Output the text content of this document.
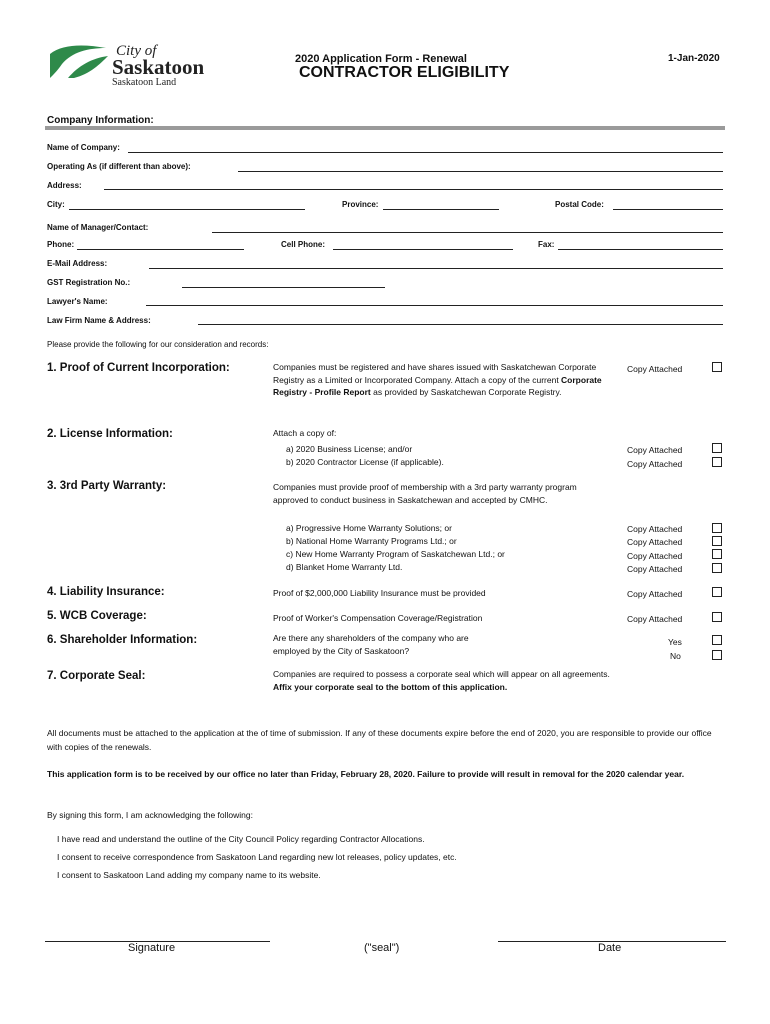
City of
Saskatoon
Saskatoon Land
2020 Application Form - Renewal
CONTRACTOR ELIGIBILITY
1-Jan-2020
Company Information:
Name of Company:
Operating As (if different than above):
Address:
City:	Province:	Postal Code:
Name of Manager/Contact:
Phone:	Cell Phone:	Fax:
E-Mail Address:
GST Registration No.:
Lawyer's Name:
Law Firm Name & Address:
Please provide the following for our consideration and records:
1. Proof of Current Incorporation:	Companies must be registered and have shares issued with Saskatchewan Corporate Registry as a Limited or Incorporated Company. Attach a copy of the current Corporate Registry - Profile Report as provided by Saskatchewan Corporate Registry.
Copy Attached
2. License Information:	Attach a copy of:
a) 2020 Business License; and/or
b) 2020 Contractor License (if applicable).
Copy Attached
Copy Attached
3. 3rd Party Warranty:	Companies must provide proof of membership with a 3rd party warranty program approved to conduct business in Saskatchewan and accepted by CMHC.
a) Progressive Home Warranty Solutions; or
b) National Home Warranty Programs Ltd.; or
c) New Home Warranty Program of Saskatchewan Ltd.; or
d) Blanket Home Warranty Ltd.
Copy Attached
Copy Attached
Copy Attached
Copy Attached
4. Liability Insurance:	Proof of $2,000,000 Liability Insurance must be provided	Copy Attached
5. WCB Coverage:	Proof of Worker's Compensation Coverage/Registration	Copy Attached
6. Shareholder Information:	Are there any shareholders of the company who are employed by the City of Saskatoon?
Yes
No
7. Corporate Seal:	Companies are required to possess a corporate seal which will appear on all agreements. Affix your corporate seal to the bottom of this application.
All documents must be attached to the application at the of time of submission. If any of these documents expire before the end of 2020, you are responsible to provide our office with copies of the renewals.
This application form is to be received by our office no later than Friday, February 28, 2020. Failure to provide will result in removal for the 2020 calendar year.
By signing this form, I am acknowledging the following:
I have read and understand the outline of the City Council Policy regarding Contractor Allocations.
I consent to receive correspondence from Saskatoon Land regarding new lot releases, policy updates, etc.
I consent to Saskatoon Land adding my company name to its website.
Signature	("seal")	Date
